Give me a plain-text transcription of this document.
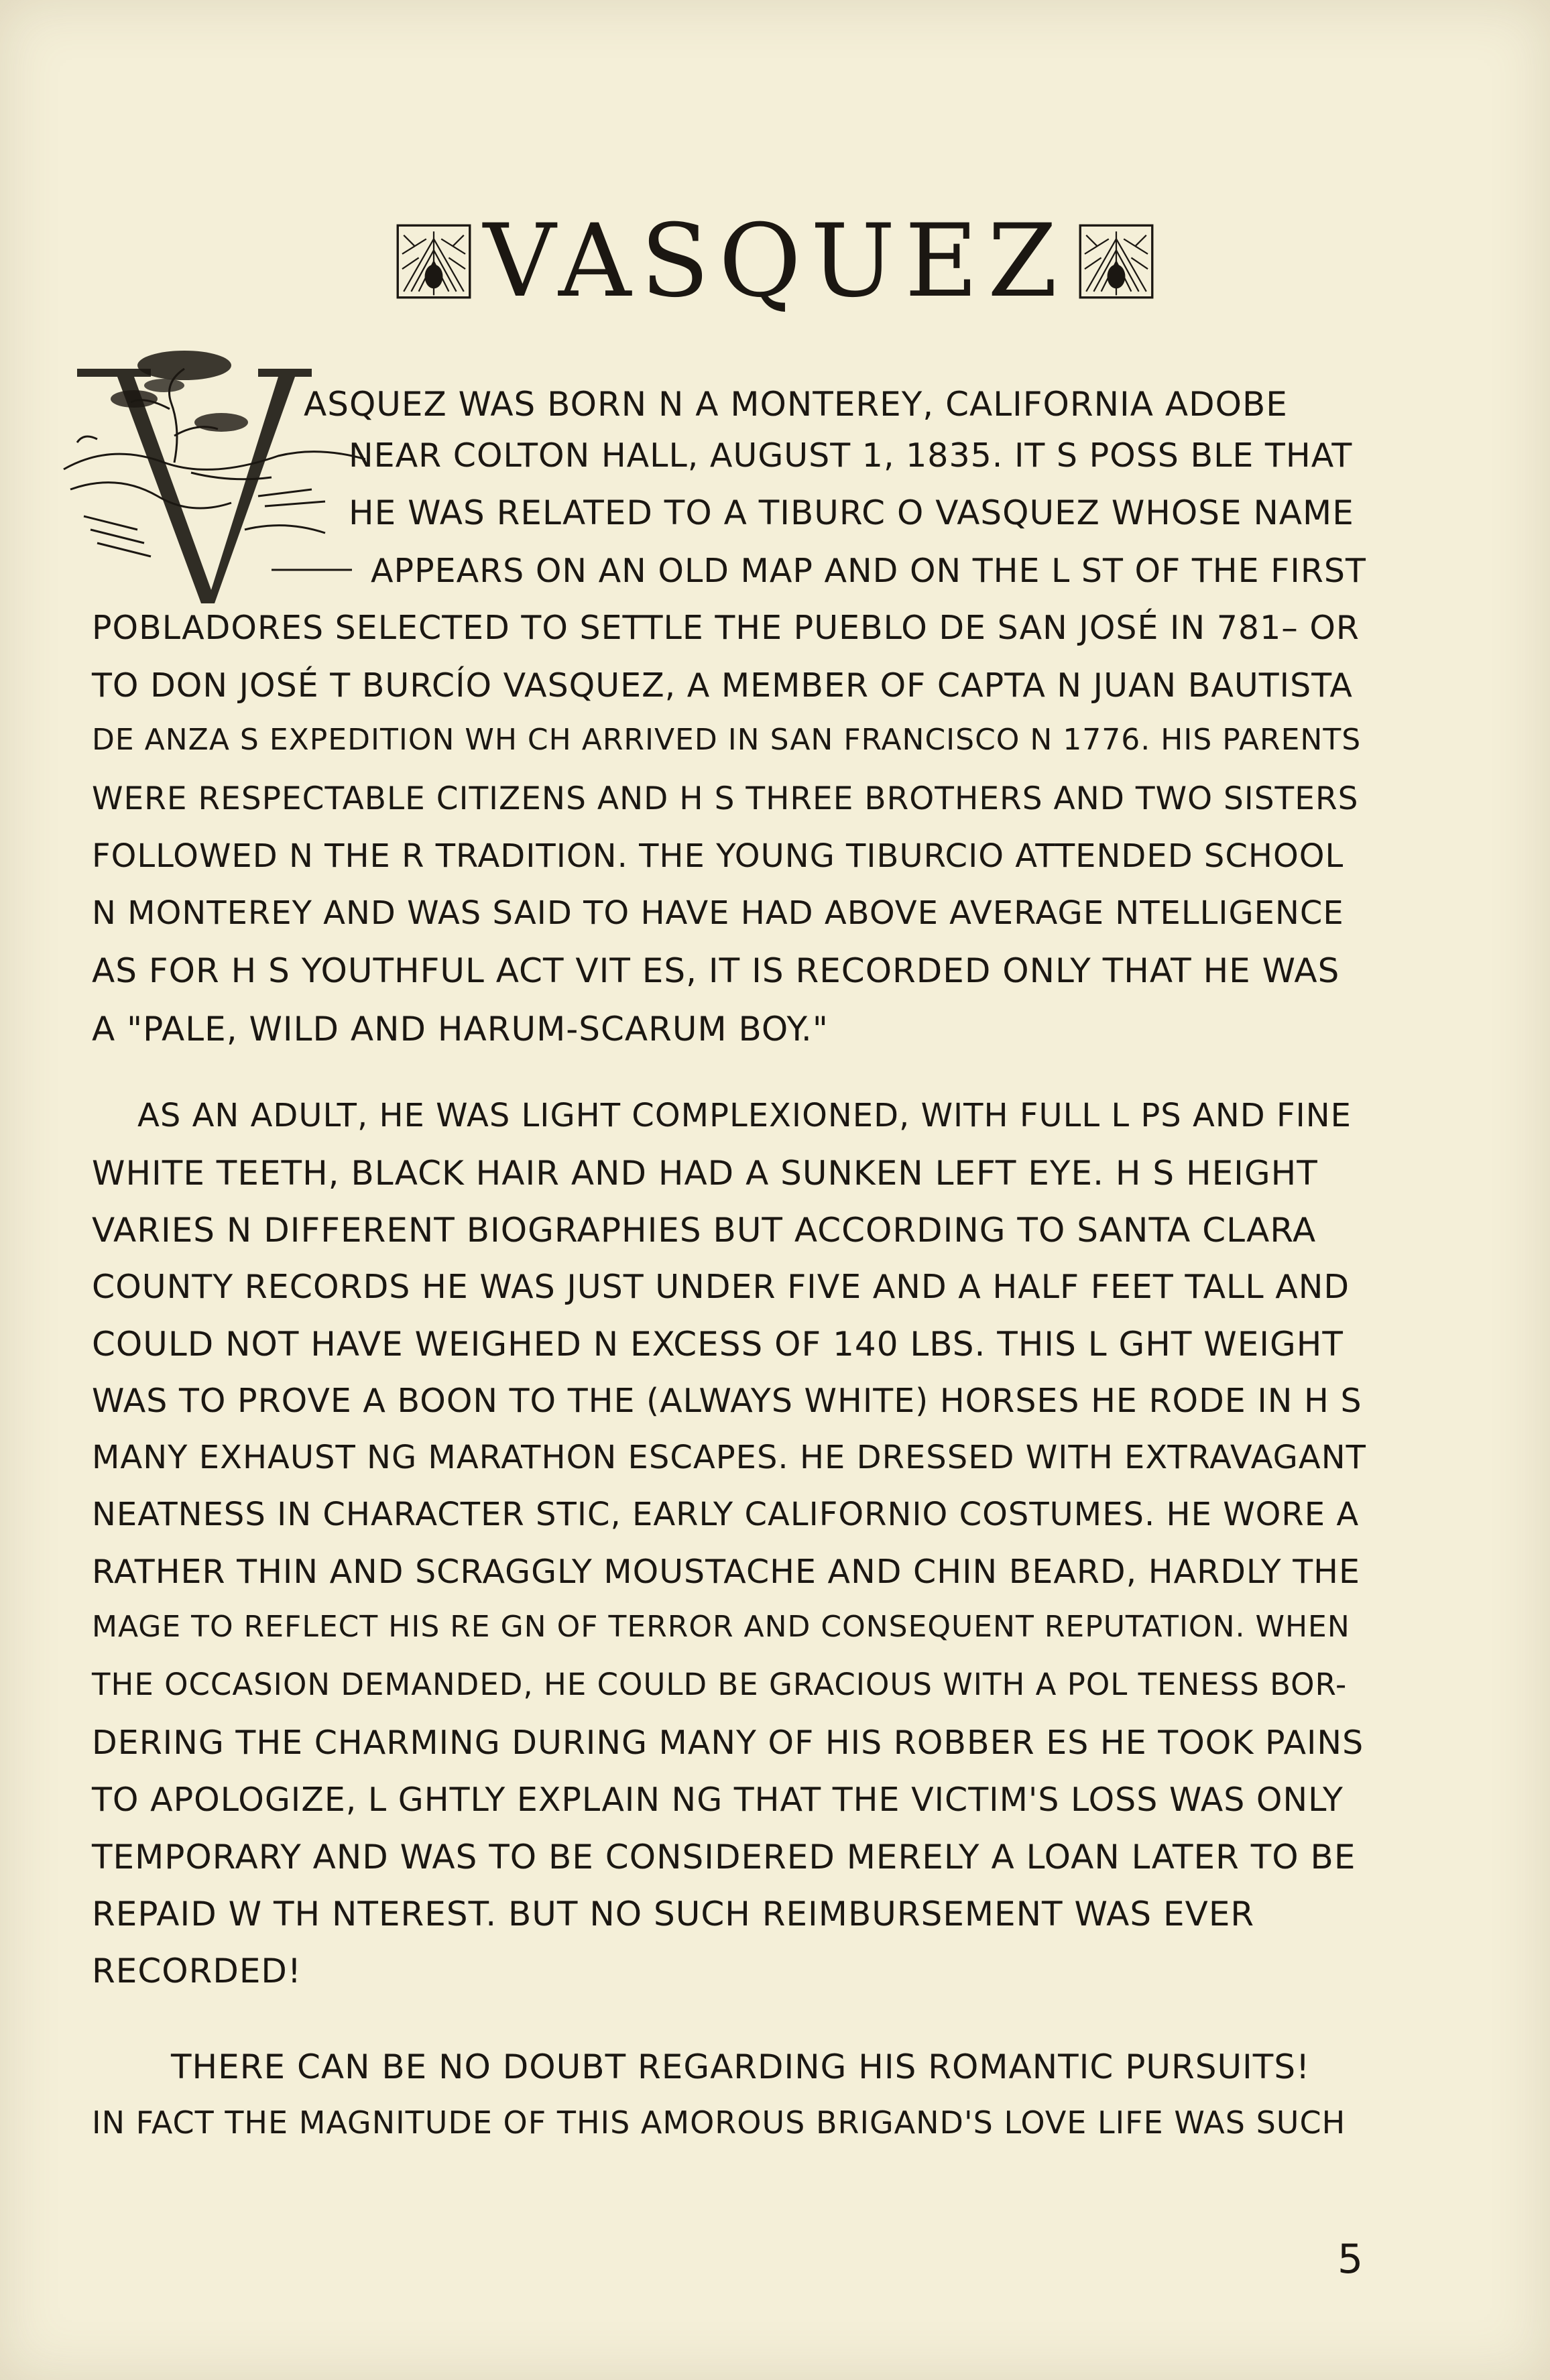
VASQUEZ
ASQUEZ WAS BORN N A MONTEREY, CALIFORNIA ADOBE
NEAR COLTON HALL, AUGUST 1, 1835. IT S POSS BLE THAT
HE WAS RELATED TO A TIBURC O VASQUEZ WHOSE NAME
APPEARS ON AN OLD MAP AND ON THE L ST OF THE FIRST
POBLADORES SELECTED TO SETTLE THE PUEBLO DE SAN JOSÉ IN 781– OR
TO DON JOSÉ T BURCÍO VASQUEZ, A MEMBER OF CAPTA N JUAN BAUTISTA
DE ANZA S EXPEDITION WH CH ARRIVED IN SAN FRANCISCO N 1776. HIS PARENTS
WERE RESPECTABLE CITIZENS AND H S THREE BROTHERS AND TWO SISTERS
FOLLOWED N THE R TRADITION. THE YOUNG TIBURCIO ATTENDED SCHOOL
N MONTEREY AND WAS SAID TO HAVE HAD ABOVE AVERAGE NTELLIGENCE
AS FOR H S YOUTHFUL ACT VIT ES, IT IS RECORDED ONLY THAT HE WAS
A "PALE, WILD AND HARUM-SCARUM BOY."
AS AN ADULT, HE WAS LIGHT COMPLEXIONED, WITH FULL L PS AND FINE
WHITE TEETH, BLACK HAIR AND HAD A SUNKEN LEFT EYE. H S HEIGHT
VARIES N DIFFERENT BIOGRAPHIES BUT ACCORDING TO SANTA CLARA
COUNTY RECORDS HE WAS JUST UNDER FIVE AND A HALF FEET TALL AND
COULD NOT HAVE WEIGHED N EXCESS OF 140 LBS. THIS L GHT WEIGHT
WAS TO PROVE A BOON TO THE (ALWAYS WHITE) HORSES HE RODE IN H S
MANY EXHAUST NG MARATHON ESCAPES. HE DRESSED WITH EXTRAVAGANT
NEATNESS IN CHARACTER STIC, EARLY CALIFORNIO COSTUMES. HE WORE A
RATHER THIN AND SCRAGGLY MOUSTACHE AND CHIN BEARD, HARDLY THE
MAGE TO REFLECT HIS RE GN OF TERROR AND CONSEQUENT REPUTATION. WHEN
THE OCCASION DEMANDED, HE COULD BE GRACIOUS WITH A POL TENESS BOR-
DERING THE CHARMING DURING MANY OF HIS ROBBER ES HE TOOK PAINS
TO APOLOGIZE, L GHTLY EXPLAIN NG THAT THE VICTIM'S LOSS WAS ONLY
TEMPORARY AND WAS TO BE CONSIDERED MERELY A LOAN LATER TO BE
REPAID W TH NTEREST. BUT NO SUCH REIMBURSEMENT WAS EVER
RECORDED!
THERE CAN BE NO DOUBT REGARDING HIS ROMANTIC PURSUITS!
IN FACT THE MAGNITUDE OF THIS AMOROUS BRIGAND'S LOVE LIFE WAS SUCH
5
